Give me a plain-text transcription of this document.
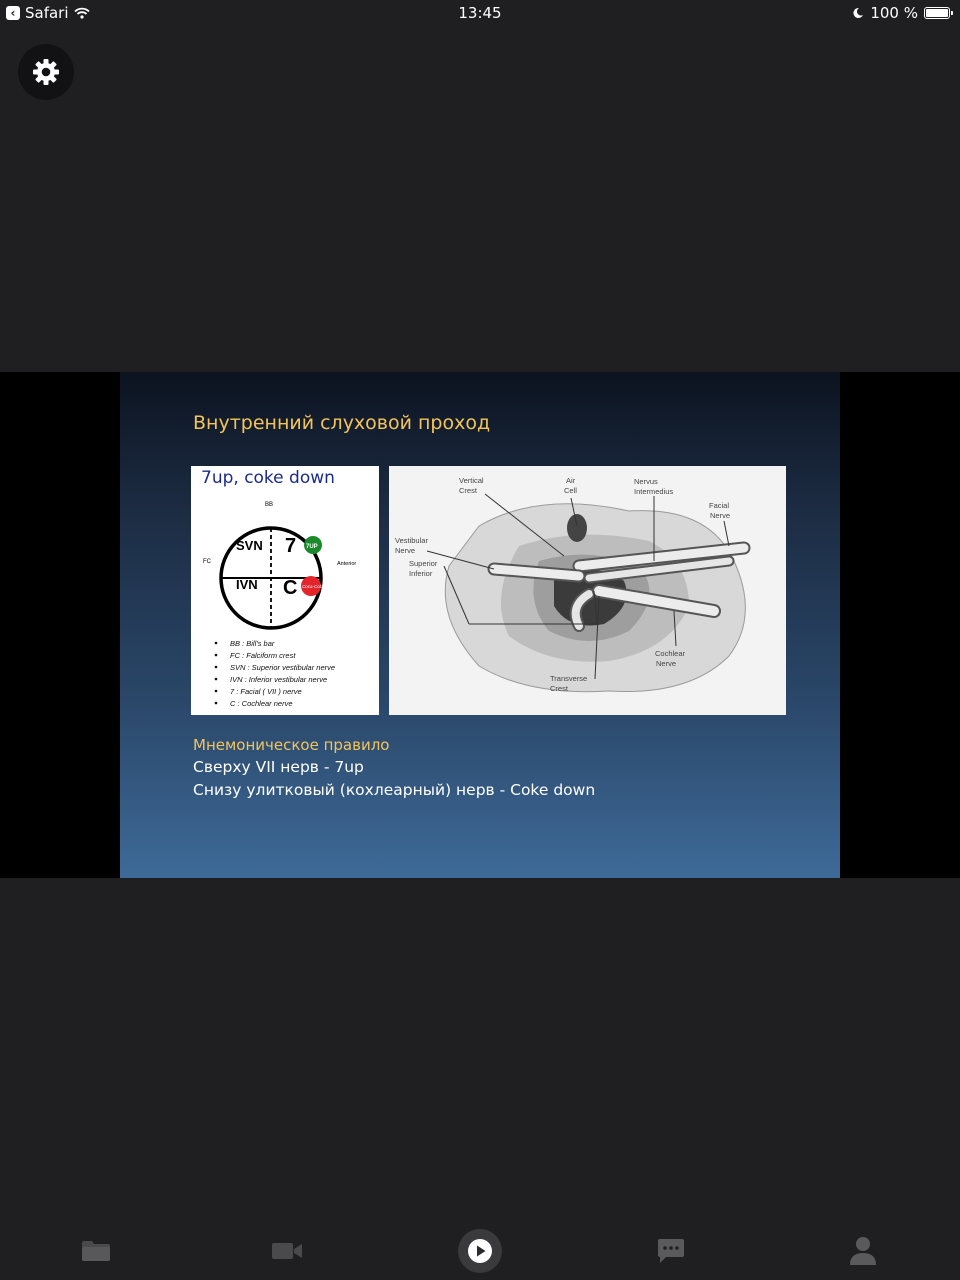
‹ Safari	13:45	100 %
Внутренний слуховой проход
7up, coke down
BB
FC	Anterior
SVN 7 7UP
IVN C Coca-Cola
BB : Bill's bar
FC : Falciform crest
SVN : Superior vestibular nerve
IVN : Inferior vestibular nerve
7 : Facial ( VII ) nerve
C : Cochlear nerve
Vertical
Crest
Air
Cell
Nervus
Intermedius
Facial
Nerve
Vestibular
Nerve
Superior
Inferior
Cochlear
Nerve
Transverse
Crest
Мнемоническое правило
Сверху VII нерв - 7up
Снизу улитковый (кохлеарный) нерв - Coke down
